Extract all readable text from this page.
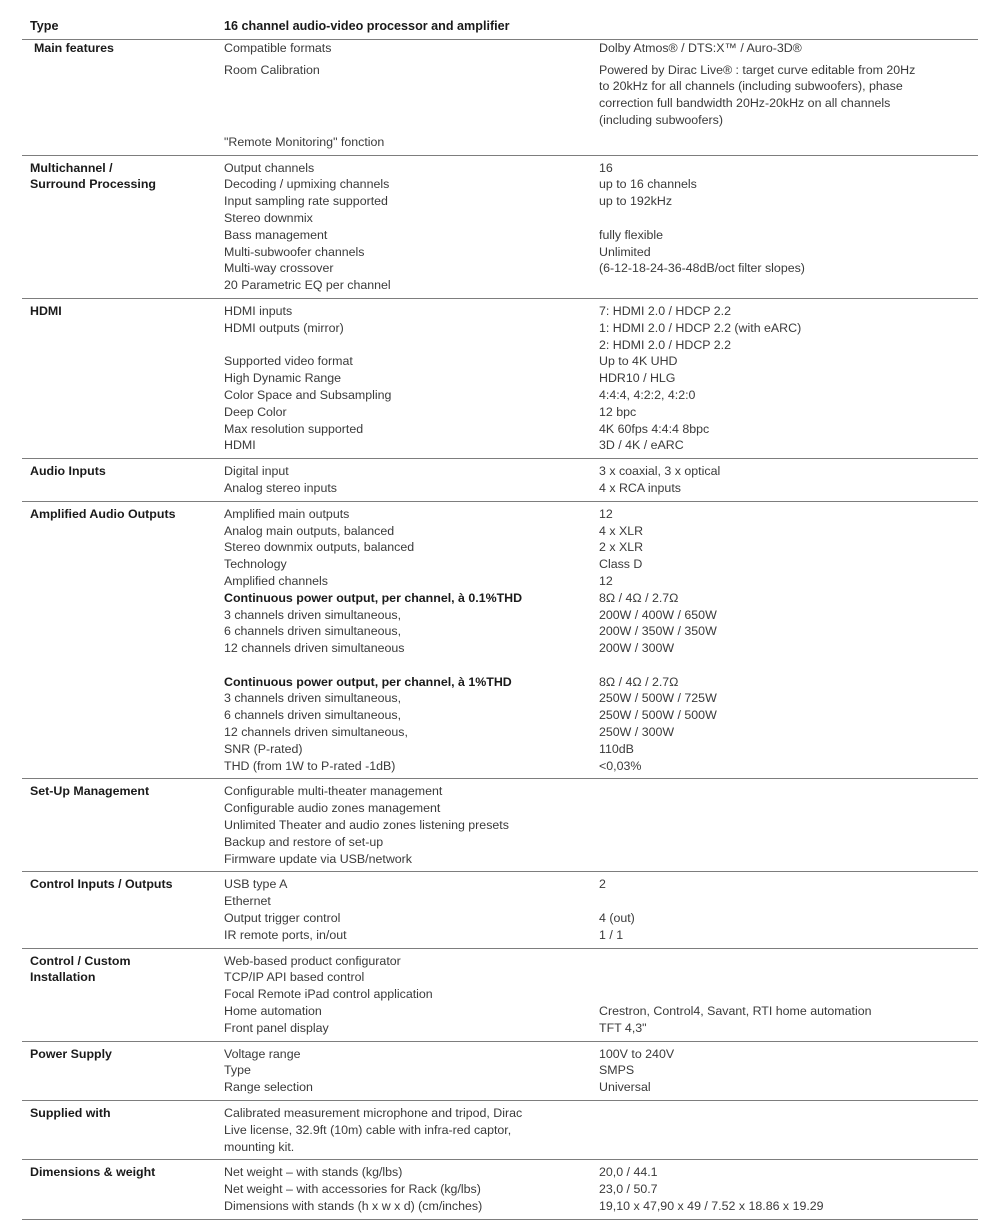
Type	16 channel audio-video processor and amplifier
Main features	Compatible formats	Dolby Atmos® / DTS:X™ / Auro-3D®
Room Calibration	Powered by Dirac Live® : target curve editable from 20Hz
to 20kHz for all channels (including subwoofers), phase
correction full bandwidth 20Hz-20kHz on all channels
(including subwoofers)
"Remote Monitoring" fonction
Multichannel /	Output channels	16
Surround Processing	Decoding / upmixing channels	up to 16 channels
Input sampling rate supported	up to 192kHz
Stereo downmix
Bass management	fully flexible
Multi-subwoofer channels	Unlimited
Multi-way crossover	(6-12-18-24-36-48dB/oct filter slopes)
20 Parametric EQ per channel
HDMI	HDMI inputs	7: HDMI 2.0 / HDCP 2.2
HDMI outputs (mirror)	1: HDMI 2.0 / HDCP 2.2 (with eARC)
2: HDMI 2.0 / HDCP 2.2
Supported video format	Up to 4K UHD
High Dynamic Range	HDR10 / HLG
Color Space and Subsampling	4:4:4, 4:2:2, 4:2:0
Deep Color	12 bpc
Max resolution supported	4K 60fps 4:4:4 8bpc
HDMI	3D / 4K / eARC
Audio Inputs	Digital input	3 x coaxial, 3 x optical
Analog stereo inputs	4 x RCA inputs
Amplified Audio Outputs	Amplified main outputs	12
Analog main outputs, balanced	4 x XLR
Stereo downmix outputs, balanced	2 x XLR
Technology	Class D
Amplified channels	12
Continuous power output, per channel, à 0.1%THD	8Ω / 4Ω / 2.7Ω
3 channels driven simultaneous,	200W / 400W / 650W
6 channels driven simultaneous,	200W / 350W / 350W
12 channels driven simultaneous	200W / 300W
Continuous power output, per channel, à 1%THD	8Ω / 4Ω / 2.7Ω
3 channels driven simultaneous,	250W / 500W / 725W
6 channels driven simultaneous,	250W / 500W / 500W
12 channels driven simultaneous,	250W / 300W
SNR (P-rated)	110dB
THD (from 1W to P-rated -1dB)	<0,03%
Set-Up Management	Configurable multi-theater management
Configurable audio zones management
Unlimited Theater and audio zones listening presets
Backup and restore of set-up
Firmware update via USB/network
Control Inputs / Outputs	USB type A	2
Ethernet
Output trigger control	4 (out)
IR remote ports, in/out	1 / 1
Control / Custom	Web-based product configurator
Installation	TCP/IP API based control
Focal Remote iPad control application
Home automation	Crestron, Control4, Savant, RTI home automation
Front panel display	TFT 4,3"
Power Supply	Voltage range	100V to 240V
Type	SMPS
Range selection	Universal
Supplied with	Calibrated measurement microphone and tripod, Dirac
Live license, 32.9ft (10m) cable with infra-red captor,
mounting kit.
Dimensions & weight	Net weight – with stands (kg/lbs)	20,0 / 44.1
Net weight – with accessories for Rack (kg/lbs)	23,0 / 50.7
Dimensions with stands (h x w x d) (cm/inches)	19,10 x 47,90 x 49 / 7.52 x 18.86 x 19.29
